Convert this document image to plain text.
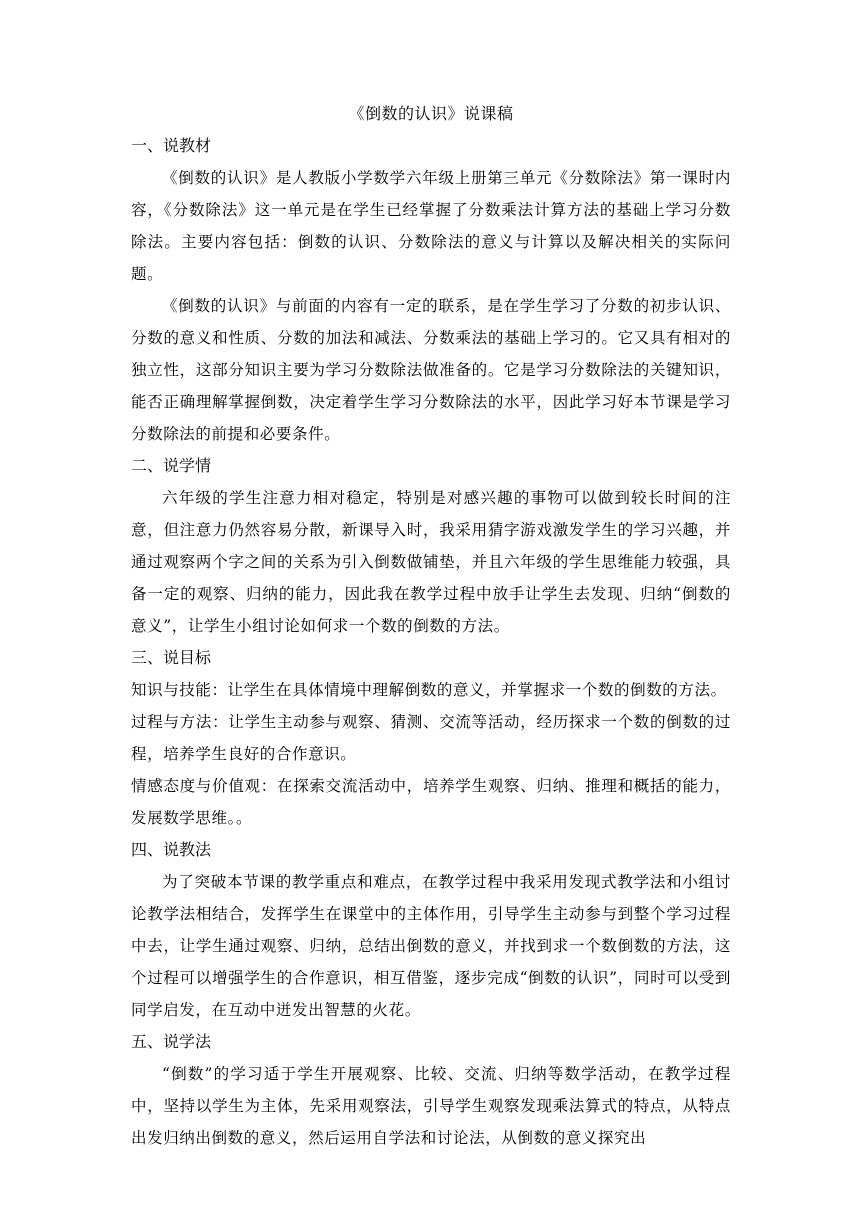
《倒数的认识》说课稿

一、说教材

《倒数的认识》是人教版小学数学六年级上册第三单元《分数除法》第一课时内容，《分数除法》这一单元是在学生已经掌握了分数乘法计算方法的基础上学习分数除法。主要内容包括：倒数的认识、分数除法的意义与计算以及解决相关的实际问题。

《倒数的认识》与前面的内容有一定的联系，是在学生学习了分数的初步认识、分数的意义和性质、分数的加法和减法、分数乘法的基础上学习的。它又具有相对的独立性，这部分知识主要为学习分数除法做准备的。它是学习分数除法的关键知识，能否正确理解掌握倒数，决定着学生学习分数除法的水平，因此学习好本节课是学习分数除法的前提和必要条件。

二、说学情

六年级的学生注意力相对稳定，特别是对感兴趣的事物可以做到较长时间的注意，但注意力仍然容易分散，新课导入时，我采用猜字游戏激发学生的学习兴趣，并通过观察两个字之间的关系为引入倒数做铺垫，并且六年级的学生思维能力较强，具备一定的观察、归纳的能力，因此我在教学过程中放手让学生去发现、归纳“倒数的意义”，让学生小组讨论如何求一个数的倒数的方法。

三、说目标

知识与技能：让学生在具体情境中理解倒数的意义，并掌握求一个数的倒数的方法。

过程与方法：让学生主动参与观察、猜测、交流等活动，经历探求一个数的倒数的过程，培养学生良好的合作意识。

情感态度与价值观：在探索交流活动中，培养学生观察、归纳、推理和概括的能力，发展数学思维。。

四、说教法

为了突破本节课的教学重点和难点，在教学过程中我采用发现式教学法和小组讨论教学法相结合，发挥学生在课堂中的主体作用，引导学生主动参与到整个学习过程中去，让学生通过观察、归纳，总结出倒数的意义，并找到求一个数倒数的方法，这个过程可以增强学生的合作意识，相互借鉴，逐步完成“倒数的认识”，同时可以受到同学启发，在互动中迸发出智慧的火花。

五、说学法

“倒数”的学习适于学生开展观察、比较、交流、归纳等数学活动，在教学过程中，坚持以学生为主体，先采用观察法，引导学生观察发现乘法算式的特点，从特点出发归纳出倒数的意义，然后运用自学法和讨论法，从倒数的意义探究出
